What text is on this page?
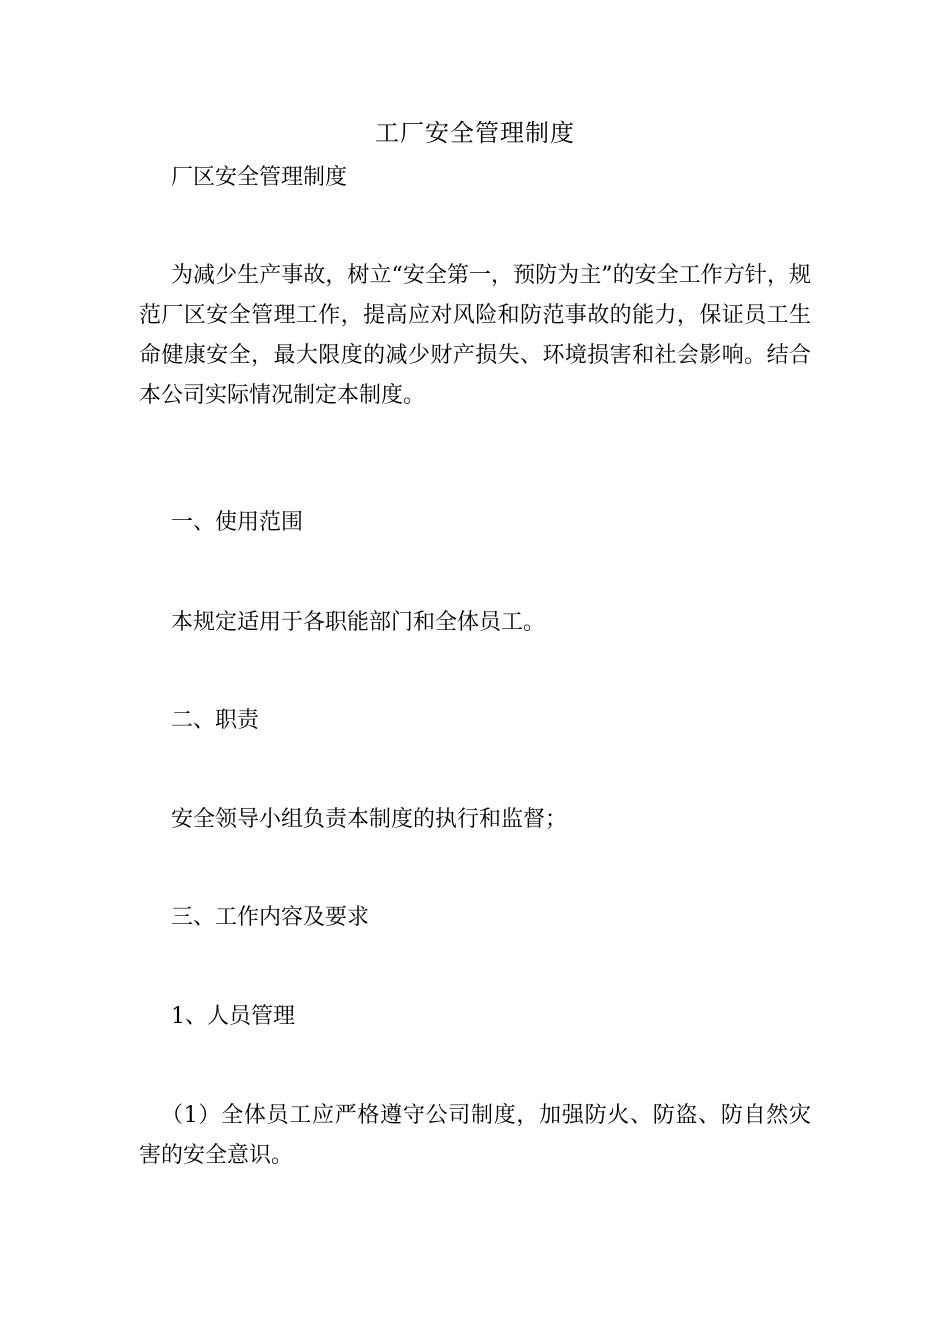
工厂安全管理制度
厂区安全管理制度
为减少生产事故，树立“安全第一，预防为主”的安全工作方针，规范厂区安全管理工作，提高应对风险和防范事故的能力，保证员工生命健康安全，最大限度的减少财产损失、环境损害和社会影响。结合本公司实际情况制定本制度。
一、使用范围
本规定适用于各职能部门和全体员工。
二、职责
安全领导小组负责本制度的执行和监督；
三、工作内容及要求
1、人员管理
（1）全体员工应严格遵守公司制度，加强防火、防盗、防自然灾害的安全意识。
